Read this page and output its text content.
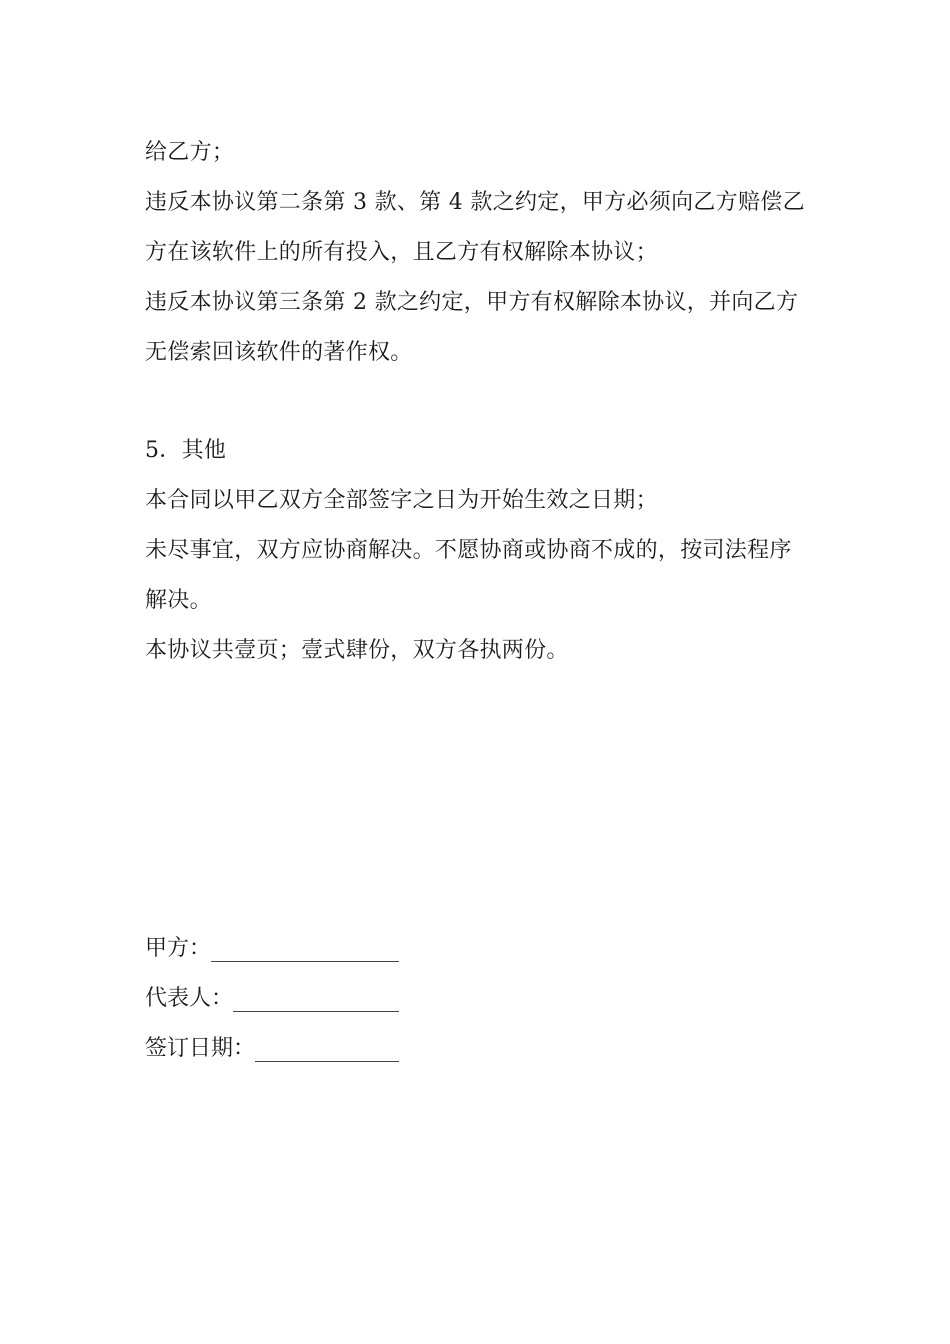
给乙方；
违反本协议第二条第 3 款、第 4 款之约定，甲方必须向乙方赔偿乙
方在该软件上的所有投入，且乙方有权解除本协议；
违反本协议第三条第 2 款之约定，甲方有权解除本协议，并向乙方
无偿索回该软件的著作权。
5．其他
本合同以甲乙双方全部签字之日为开始生效之日期；
未尽事宜，双方应协商解决。不愿协商或协商不成的，按司法程序
解决。
本协议共壹页；壹式肆份，双方各执两份。
甲方：
代表人：
签订日期：
